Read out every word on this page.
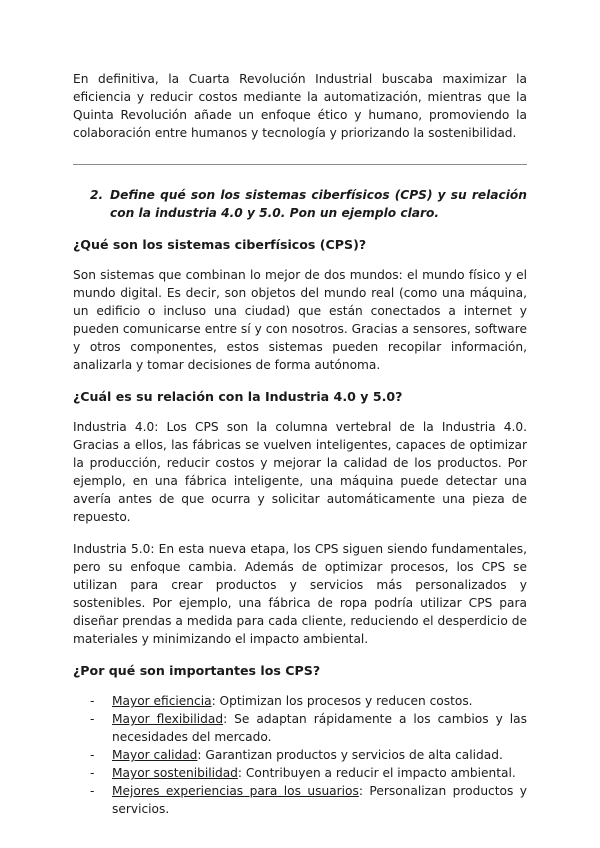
En definitiva, la Cuarta Revolución Industrial buscaba maximizar la eficiencia y reducir costos mediante la automatización, mientras que la Quinta Revolución añade un enfoque ético y humano, promoviendo la colaboración entre humanos y tecnología y priorizando la sostenibilidad.

2. Define qué son los sistemas ciberfísicos (CPS) y su relación con la industria 4.0 y 5.0. Pon un ejemplo claro.
¿Qué son los sistemas ciberfísicos (CPS)?

Son sistemas que combinan lo mejor de dos mundos: el mundo físico y el mundo digital. Es decir, son objetos del mundo real (como una máquina, un edificio o incluso una ciudad) que están conectados a internet y pueden comunicarse entre sí y con nosotros. Gracias a sensores, software y otros componentes, estos sistemas pueden recopilar información, analizarla y tomar decisiones de forma autónoma.

¿Cuál es su relación con la Industria 4.0 y 5.0?

Industria 4.0: Los CPS son la columna vertebral de la Industria 4.0. Gracias a ellos, las fábricas se vuelven inteligentes, capaces de optimizar la producción, reducir costos y mejorar la calidad de los productos. Por ejemplo, en una fábrica inteligente, una máquina puede detectar una avería antes de que ocurra y solicitar automáticamente una pieza de repuesto.

Industria 5.0: En esta nueva etapa, los CPS siguen siendo fundamentales, pero su enfoque cambia. Además de optimizar procesos, los CPS se utilizan para crear productos y servicios más personalizados y sostenibles. Por ejemplo, una fábrica de ropa podría utilizar CPS para diseñar prendas a medida para cada cliente, reduciendo el desperdicio de materiales y minimizando el impacto ambiental.

¿Por qué son importantes los CPS?
-	Mayor eficiencia: Optimizan los procesos y reducen costos.
-	Mayor flexibilidad: Se adaptan rápidamente a los cambios y las necesidades del mercado.
-	Mayor calidad: Garantizan productos y servicios de alta calidad.
-	Mayor sostenibilidad: Contribuyen a reducir el impacto ambiental.
-	Mejores experiencias para los usuarios: Personalizan productos y servicios.
